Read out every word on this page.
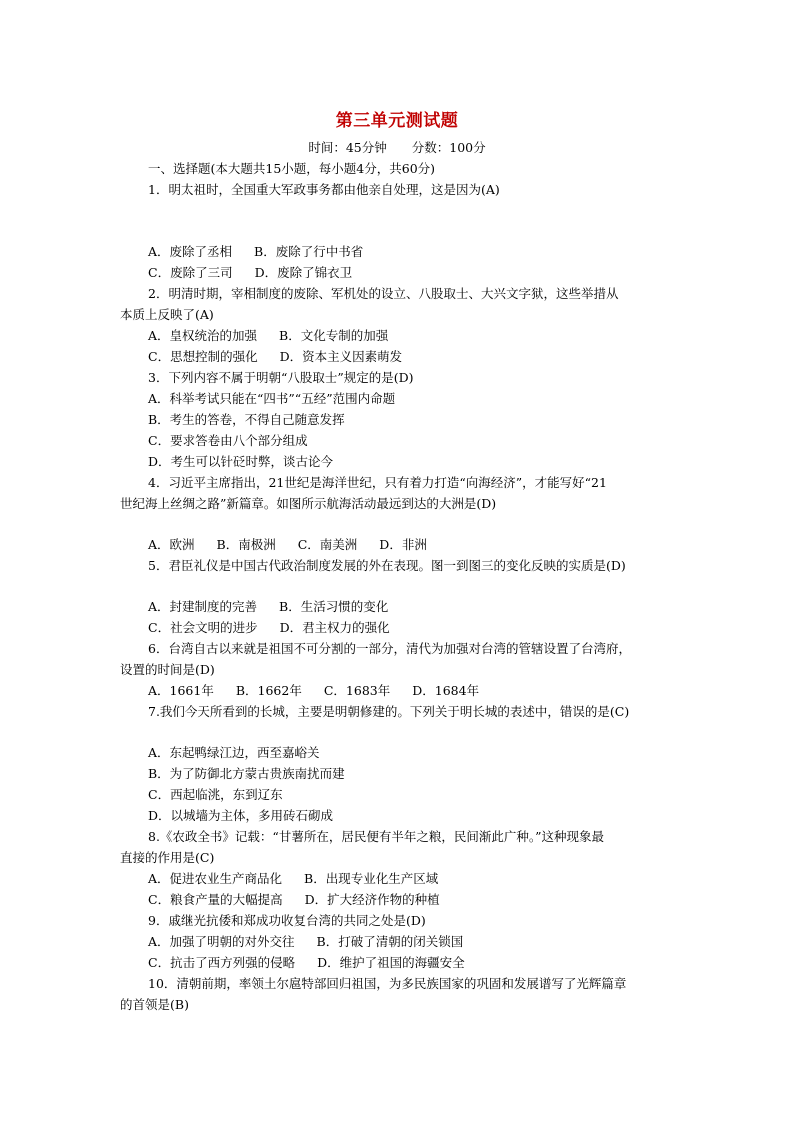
第三单元测试题
时间：45分钟　　分数：100分
一、选择题(本大题共15小题，每小题4分，共60分)
1．明太祖时，全国重大军政事务都由他亲自处理，这是因为(A)
A．废除了丞相 B．废除了行中书省
C．废除了三司 D．废除了锦衣卫
2．明清时期，宰相制度的废除、军机处的设立、八股取士、大兴文字狱，这些举措从
本质上反映了(A)
A．皇权统治的加强 B．文化专制的加强
C．思想控制的强化 D．资本主义因素萌发
3．下列内容不属于明朝“八股取士”规定的是(D)
A．科举考试只能在“四书”“五经”范围内命题
B．考生的答卷，不得自己随意发挥
C．要求答卷由八个部分组成
D．考生可以针砭时弊，谈古论今
4．习近平主席指出，21世纪是海洋世纪，只有着力打造“向海经济”，才能写好“21
世纪海上丝绸之路”新篇章。如图所示航海活动最远到达的大洲是(D)
A．欧洲 B．南极洲 C．南美洲 D．非洲
5．君臣礼仪是中国古代政治制度发展的外在表现。图一到图三的变化反映的实质是(D)
A．封建制度的完善 B．生活习惯的变化
C．社会文明的进步 D．君主权力的强化
6．台湾自古以来就是祖国不可分割的一部分，清代为加强对台湾的管辖设置了台湾府，
设置的时间是(D)
A．1661年 B．1662年 C．1683年 D．1684年
7.我们今天所看到的长城，主要是明朝修建的。下列关于明长城的表述中，错误的是(C)
A．东起鸭绿江边，西至嘉峪关
B．为了防御北方蒙古贵族南扰而建
C．西起临洮，东到辽东
D．以城墙为主体，多用砖石砌成
8.《农政全书》记载：“甘薯所在，居民便有半年之粮，民间渐此广种。”这种现象最
直接的作用是(C)
A．促进农业生产商品化 B．出现专业化生产区域
C．粮食产量的大幅提高 D．扩大经济作物的种植
9．戚继光抗倭和郑成功收复台湾的共同之处是(D)
A．加强了明朝的对外交往 B．打破了清朝的闭关锁国
C．抗击了西方列强的侵略 D．维护了祖国的海疆安全
10．清朝前期，率领土尔扈特部回归祖国，为多民族国家的巩固和发展谱写了光辉篇章
的首领是(B)
